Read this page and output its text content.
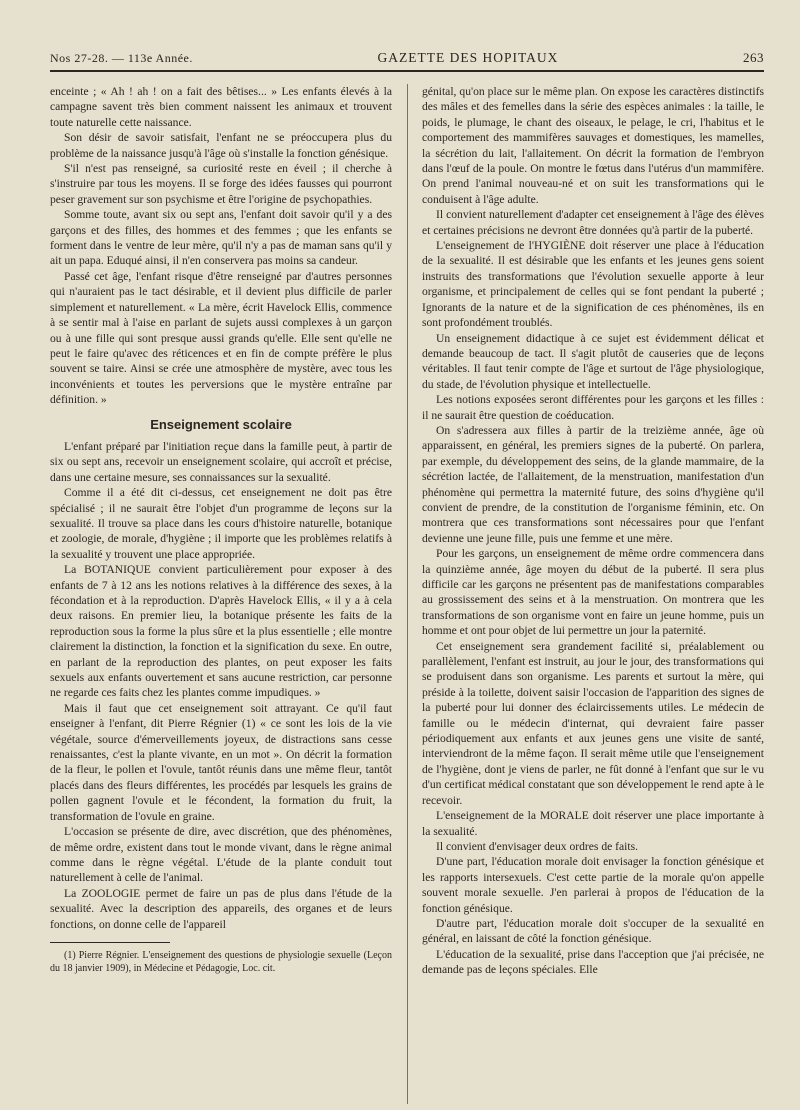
Nos 27-28. — 113e Année.	GAZETTE DES HOPITAUX	263

enceinte ; « Ah ! ah ! on a fait des bêtises... » Les enfants élevés à la campagne savent très bien comment naissent les animaux et trouvent toute naturelle cette naissance.

Son désir de savoir satisfait, l'enfant ne se préoccupera plus du problème de la naissance jusqu'à l'âge où s'installe la fonction génésique.

S'il n'est pas renseigné, sa curiosité reste en éveil ; il cherche à s'instruire par tous les moyens. Il se forge des idées fausses qui pourront peser gravement sur son psychisme et être l'origine de psychopathies.

Somme toute, avant six ou sept ans, l'enfant doit savoir qu'il y a des garçons et des filles, des hommes et des femmes ; que les enfants se forment dans le ventre de leur mère, qu'il n'y a pas de maman sans qu'il y ait un papa. Eduqué ainsi, il n'en conservera pas moins sa candeur.

Passé cet âge, l'enfant risque d'être renseigné par d'autres personnes qui n'auraient pas le tact désirable, et il devient plus difficile de parler simplement et naturellement. « La mère, écrit Havelock Ellis, commence à se sentir mal à l'aise en parlant de sujets aussi complexes à un garçon ou à une fille qui sont presque aussi grands qu'elle. Elle sent qu'elle ne peut le faire qu'avec des réticences et en fin de compte préfère le plus souvent se taire. Ainsi se crée une atmosphère de mystère, avec tous les inconvénients et toutes les perversions que le mystère entraîne par définition. »

Enseignement scolaire

L'enfant préparé par l'initiation reçue dans la famille peut, à partir de six ou sept ans, recevoir un enseignement scolaire, qui accroît et précise, dans une certaine mesure, ses connaissances sur la sexualité.

Comme il a été dit ci-dessus, cet enseignement ne doit pas être spécialisé ; il ne saurait être l'objet d'un programme de leçons sur la sexualité. Il trouve sa place dans les cours d'histoire naturelle, botanique et zoologie, de morale, d'hygiène ; il importe que les problèmes relatifs à la sexualité y trouvent une place appropriée.

La BOTANIQUE convient particulièrement pour exposer à des enfants de 7 à 12 ans les notions relatives à la différence des sexes, à la fécondation et à la reproduction. D'après Havelock Ellis, « il y a à cela deux raisons. En premier lieu, la botanique présente les faits de la reproduction sous la forme la plus sûre et la plus essentielle ; elle montre clairement la distinction, la fonction et la signification du sexe. En outre, en parlant de la reproduction des plantes, on peut exposer les faits sexuels aux enfants ouvertement et sans aucune restriction, car personne ne regarde ces faits chez les plantes comme impudiques. »

Mais il faut que cet enseignement soit attrayant. Ce qu'il faut enseigner à l'enfant, dit Pierre Régnier (1) « ce sont les lois de la vie végétale, source d'émerveillements joyeux, de distractions sans cesse renaissantes, c'est la plante vivante, en un mot ». On décrit la formation de la fleur, le pollen et l'ovule, tantôt réunis dans une même fleur, tantôt placés dans des fleurs différentes, les procédés par lesquels les grains de pollen gagnent l'ovule et le fécondent, la formation du fruit, la transformation de l'ovule en graine.

L'occasion se présente de dire, avec discrétion, que des phénomènes, de même ordre, existent dans tout le monde vivant, dans le règne animal comme dans le règne végétal. L'étude de la plante conduit tout naturellement à celle de l'animal.

La ZOOLOGIE permet de faire un pas de plus dans l'étude de la sexualité. Avec la description des appareils, des organes et de leurs fonctions, on donne celle de l'appareil

(1) Pierre Régnier. L'enseignement des questions de physiologie sexuelle (Leçon du 18 janvier 1909), in Médecine et Pédagogie, Loc. cit.

génital, qu'on place sur le même plan. On expose les caractères distinctifs des mâles et des femelles dans la série des espèces animales : la taille, le poids, le plumage, le chant des oiseaux, le pelage, le cri, l'habitus et le comportement des mammifères sauvages et domestiques, les mamelles, la sécrétion du lait, l'allaitement. On décrit la formation de l'embryon dans l'œuf de la poule. On montre le fœtus dans l'utérus d'un mammifère. On prend l'animal nouveau-né et on suit les transformations qui le conduisent à l'âge adulte.

Il convient naturellement d'adapter cet enseignement à l'âge des élèves et certaines précisions ne devront être données qu'à partir de la puberté.

L'enseignement de l'HYGIÈNE doit réserver une place à l'éducation de la sexualité. Il est désirable que les enfants et les jeunes gens soient instruits des transformations que l'évolution sexuelle apporte à leur organisme, et principalement de celles qui se font pendant la puberté ; Ignorants de la nature et de la signification de ces phénomènes, ils en sont profondément troublés.

Un enseignement didactique à ce sujet est évidemment délicat et demande beaucoup de tact. Il s'agit plutôt de causeries que de leçons véritables. Il faut tenir compte de l'âge et surtout de l'âge physiologique, du stade, de l'évolution physique et intellectuelle.

Les notions exposées seront différentes pour les garçons et les filles : il ne saurait être question de coéducation.

On s'adressera aux filles à partir de la treizième année, âge où apparaissent, en général, les premiers signes de la puberté. On parlera, par exemple, du développement des seins, de la glande mammaire, de la sécrétion lactée, de l'allaitement, de la menstruation, manifestation d'un phénomène qui permettra la maternité future, des soins d'hygiène qu'il convient de prendre, de la constitution de l'organisme féminin, etc. On montrera que ces transformations sont nécessaires pour que l'enfant devienne une jeune fille, puis une femme et une mère.

Pour les garçons, un enseignement de même ordre commencera dans la quinzième année, âge moyen du début de la puberté. Il sera plus difficile car les garçons ne présentent pas de manifestations comparables au grossissement des seins et à la menstruation. On montrera que les transformations de son organisme vont en faire un jeune homme, puis un homme et ont pour objet de lui permettre un jour la paternité.

Cet enseignement sera grandement facilité si, préalablement ou parallèlement, l'enfant est instruit, au jour le jour, des transformations qui se produisent dans son organisme. Les parents et surtout la mère, qui préside à la toilette, doivent saisir l'occasion de l'apparition des signes de la puberté pour lui donner des éclaircissements utiles. Le médecin de famille ou le médecin d'internat, qui devraient faire passer périodiquement aux enfants et aux jeunes gens une visite de santé, interviendront de la même façon. Il serait même utile que l'enseignement de l'hygiène, dont je viens de parler, ne fût donné à l'enfant que sur le vu d'un certificat médical constatant que son développement le rend apte à le recevoir.

L'enseignement de la MORALE doit réserver une place importante à la sexualité.

Il convient d'envisager deux ordres de faits.

D'une part, l'éducation morale doit envisager la fonction génésique et les rapports intersexuels. C'est cette partie de la morale qu'on appelle souvent morale sexuelle. J'en parlerai à propos de l'éducation de la fonction génésique.

D'autre part, l'éducation morale doit s'occuper de la sexualité en général, en laissant de côté la fonction génésique.

L'éducation de la sexualité, prise dans l'acception que j'ai précisée, ne demande pas de leçons spéciales. Elle
